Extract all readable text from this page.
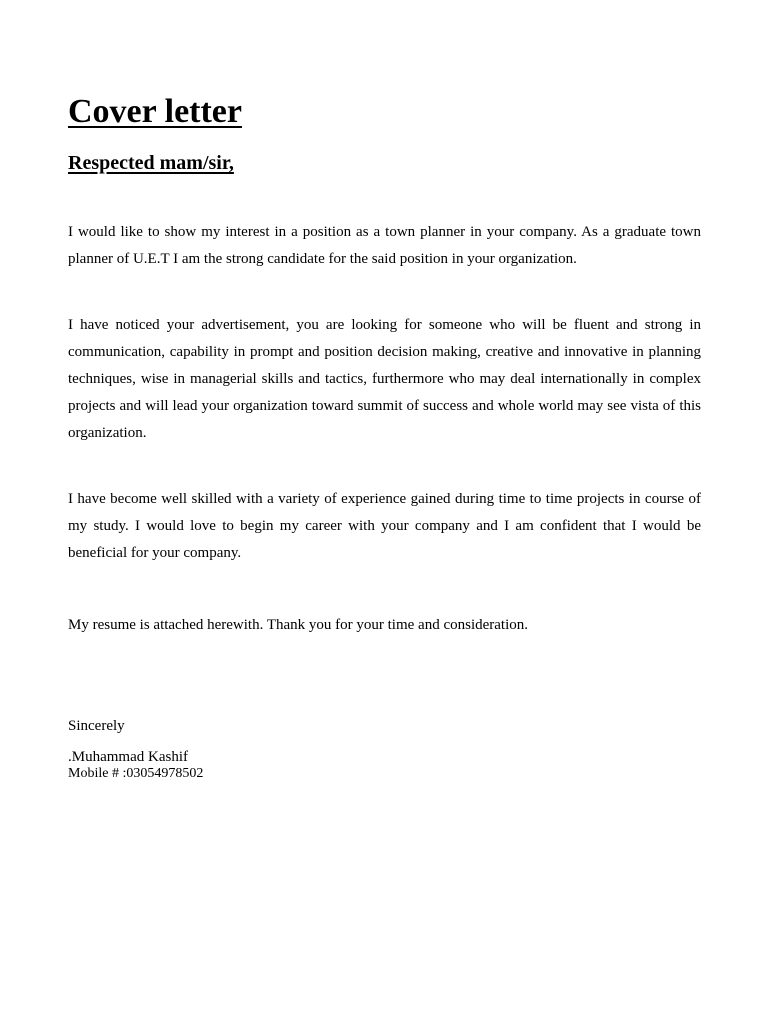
Cover letter
Respected mam/sir,

I would like to show my interest in a position as a town planner in your company. As a graduate town planner of U.E.T I am the strong candidate for the said position in your organization.

I have noticed your advertisement, you are looking for someone who will be fluent and strong in communication, capability in prompt and position decision making, creative and innovative in planning techniques, wise in managerial skills and tactics, furthermore who may deal internationally in complex projects and will lead your organization toward summit of success and whole world may see vista of this organization.

I have become well skilled with a variety of experience gained during time to time projects in course of my study. I would love to begin my career with your company and I am confident that I would be beneficial for your company.

My resume is attached herewith. Thank you for your time and consideration.

Sincerely
.Muhammad Kashif
Mobile # :03054978502
